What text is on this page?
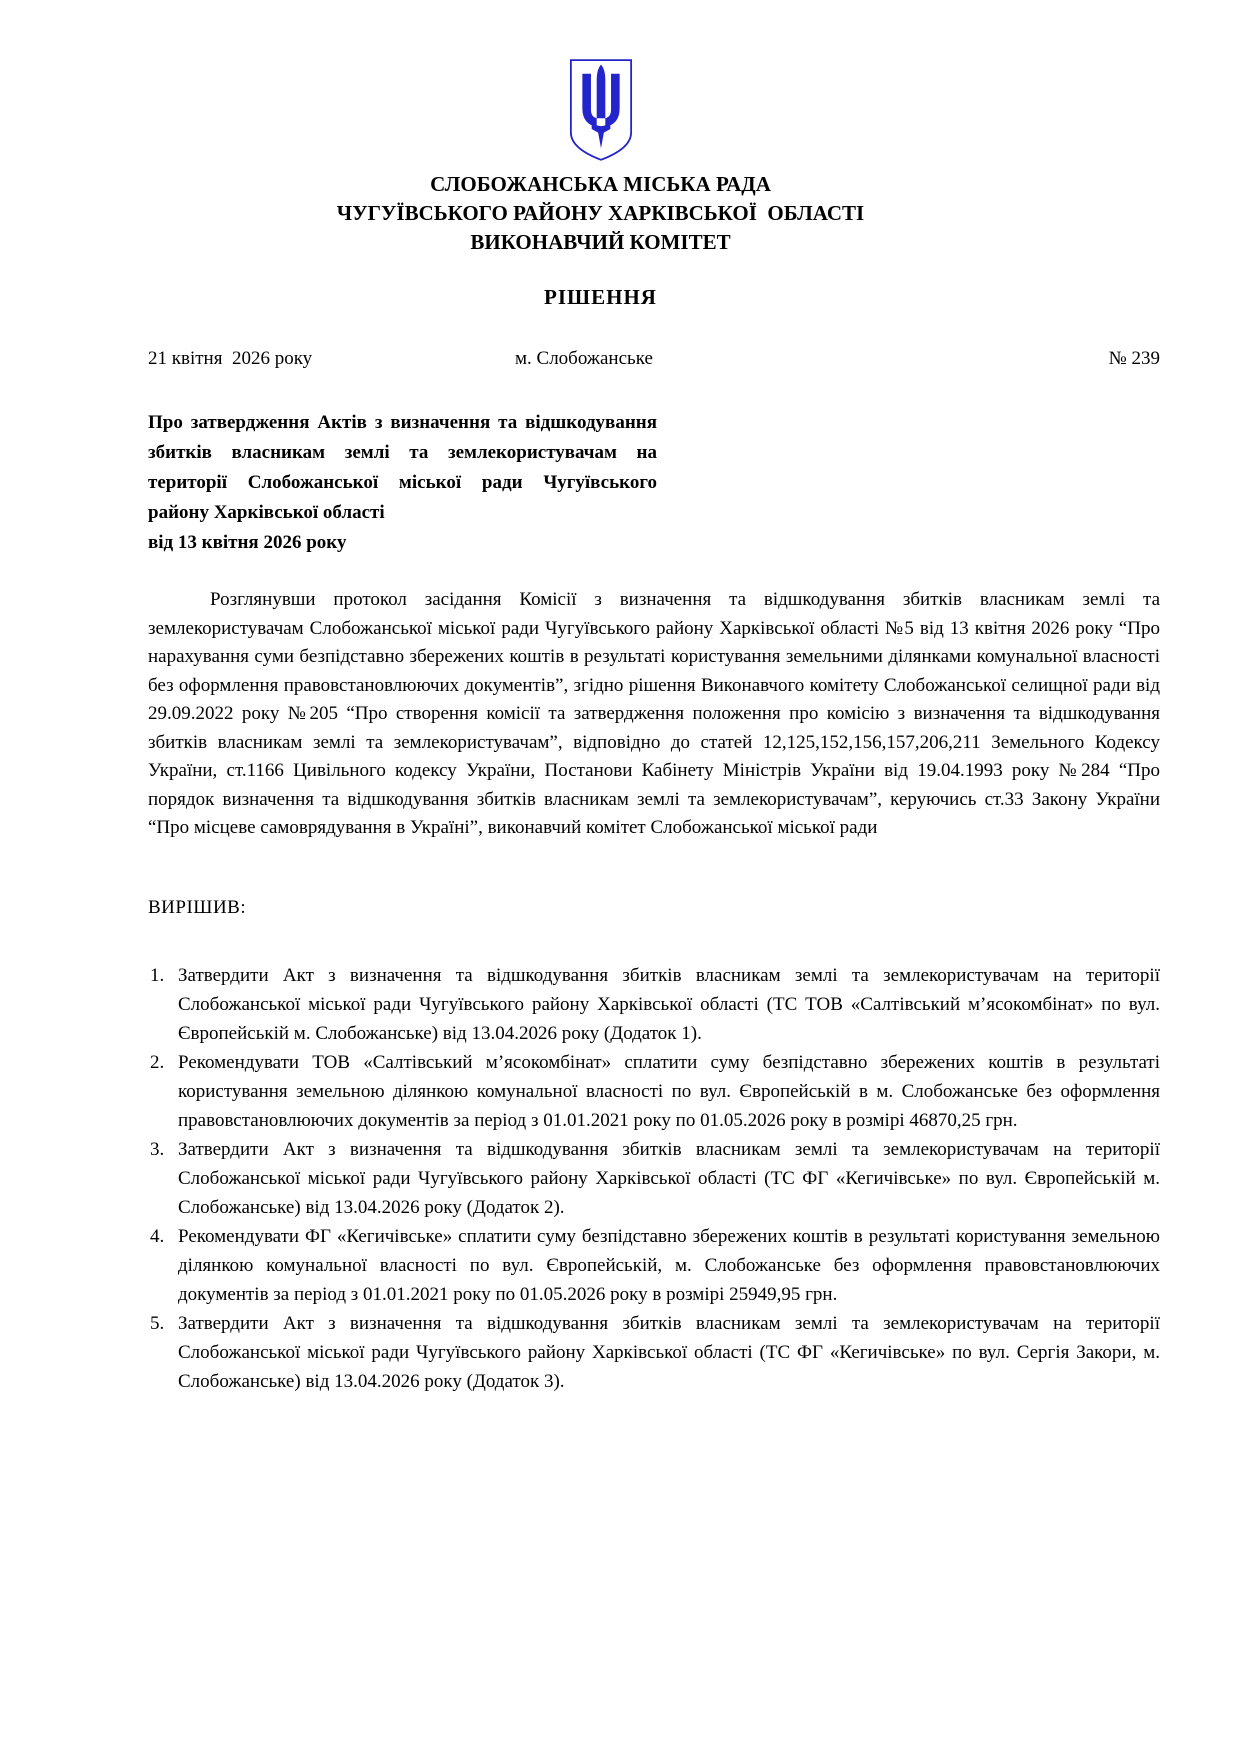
СЛОБОЖАНСЬКА МІСЬКА РАДА
ЧУГУЇВСЬКОГО РАЙОНУ ХАРКІВСЬКОЇ  ОБЛАСТІ
ВИКОНАВЧИЙ КОМІТЕТ
РІШЕННЯ
21 квітня  2026 року	м. Слобожанське	№ 239

Про затвердження Актів з визначення та відшкодування збитків власникам землі та землекористувачам на території Слобожанської міської ради Чугуївського району Харківської області

від 13 квітня 2026 року

Розглянувши протокол засідання Комісії з визначення та відшкодування збитків власникам землі та землекористувачам Слобожанської міської ради Чугуївського району Харківської області №5 від 13 квітня 2026 року “Про нарахування суми безпідставно збережених коштів в результаті користування земельними ділянками комунальної власності без оформлення правовстановлюючих документів”, згідно рішення Виконавчого комітету Слобожанської селищної ради від 29.09.2022 року №205 “Про створення комісії та затвердження положення про комісію з визначення та відшкодування збитків власникам землі та землекористувачам”, відповідно до статей 12,125,152,156,157,206,211 Земельного Кодексу України, ст.1166 Цивільного кодексу України, Постанови Кабінету Міністрів України від 19.04.1993 року №284 “Про порядок визначення та відшкодування збитків власникам землі та землекористувачам”, керуючись ст.33 Закону України “Про місцеве самоврядування в Україні”, виконавчий комітет Слобожанської міської ради

ВИРІШИВ:

1. Затвердити Акт з визначення та відшкодування збитків власникам землі та землекористувачам на території Слобожанської міської ради Чугуївського району Харківської області (ТС ТОВ «Салтівський м’ясокомбінат» по вул. Європейській м. Слобожанське) від 13.04.2026 року (Додаток 1).
2. Рекомендувати ТОВ «Салтівський м’ясокомбінат» сплатити суму безпідставно збережених коштів в результаті користування земельною ділянкою комунальної власності по вул. Європейській в м. Слобожанське без оформлення правовстановлюючих документів за період з 01.01.2021 року по 01.05.2026 року в розмірі 46870,25 грн.
3. Затвердити Акт з визначення та відшкодування збитків власникам землі та землекористувачам на території Слобожанської міської ради Чугуївського району Харківської області (ТС ФГ «Кегичівське» по вул. Європейській м. Слобожанське) від 13.04.2026 року (Додаток 2).
4. Рекомендувати ФГ «Кегичівське» сплатити суму безпідставно збережених коштів в результаті користування земельною ділянкою комунальної власності по вул. Європейській, м. Слобожанське без оформлення правовстановлюючих документів за період з 01.01.2021 року по 01.05.2026 року в розмірі 25949,95 грн.
5. Затвердити Акт з визначення та відшкодування збитків власникам землі та землекористувачам на території Слобожанської міської ради Чугуївського району Харківської області (ТС ФГ «Кегичівське» по вул. Сергія Закори, м. Слобожанське) від 13.04.2026 року (Додаток 3).
